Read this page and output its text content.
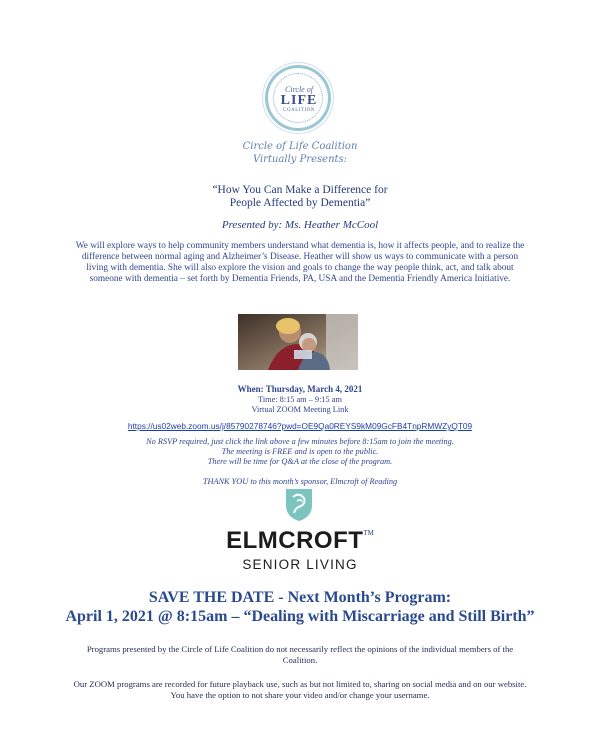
Circle of
LIFE
COALITION
Circle of Life Coalition
Virtually Presents:
“How You Can Make a Difference for
People Affected by Dementia”
Presented by: Ms. Heather McCool
We will explore ways to help community members understand what dementia is, how it affects people, and to realize the difference between normal aging and Alzheimer’s Disease. Heather will show us ways to communicate with a person living with dementia. She will also explore the vision and goals to change the way people think, act, and talk about someone with dementia – set forth by Dementia Friends, PA, USA and the Dementia Friendly America Initiative.
When: Thursday, March 4, 2021
Time: 8:15 am – 9:15 am
Virtual ZOOM Meeting Link
https://us02web.zoom.us/j/85790278746?pwd=OE9Qa0REYS9kM09GcFB4TnpRMWZyQT09
No RSVP required, just click the link above a few minutes before 8:15am to join the meeting.
The meeting is FREE and is open to the public.
There will be time for Q&A at the close of the program.
THANK YOU to this month’s sponsor, Elmcroft of Reading
ELMCROFT™
SENIOR LIVING
SAVE THE DATE - Next Month’s Program:
April 1, 2021 @ 8:15am – “Dealing with Miscarriage and Still Birth”
Programs presented by the Circle of Life Coalition do not necessarily reflect the opinions of the individual members of the Coalition.
Our ZOOM programs are recorded for future playback use, such as but not limited to, sharing on social media and on our website. You have the option to not share your video and/or change your username.
